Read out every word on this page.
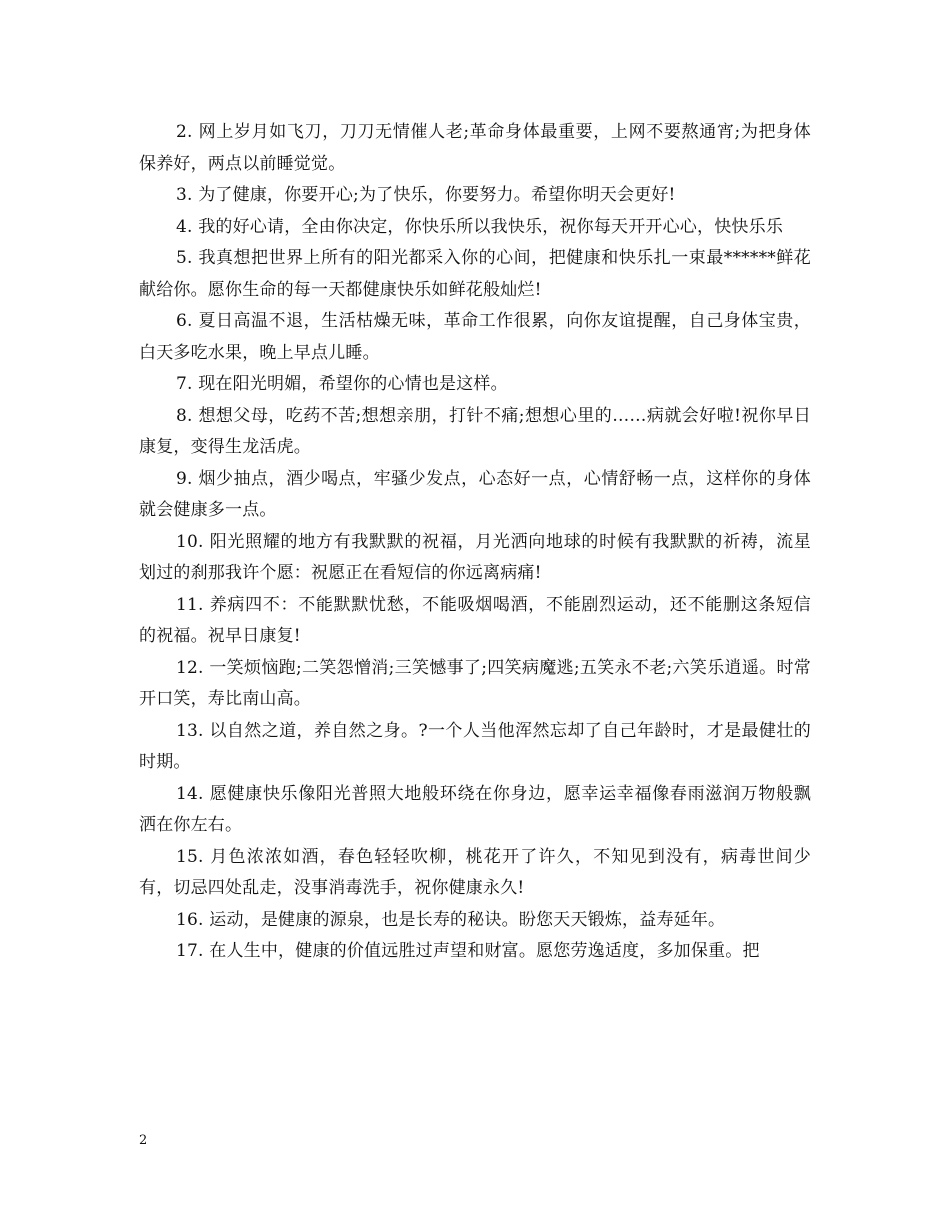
2. 网上岁月如飞刀，刀刀无情催人老;革命身体最重要，上网不要熬通宵;为把身体保养好，两点以前睡觉觉。

3. 为了健康，你要开心;为了快乐，你要努力。希望你明天会更好!

4. 我的好心请，全由你决定，你快乐所以我快乐，祝你每天开开心心，快快乐乐

5. 我真想把世界上所有的阳光都采入你的心间，把健康和快乐扎一束最******鲜花献给你。愿你生命的每一天都健康快乐如鲜花般灿烂!

6. 夏日高温不退，生活枯燥无味，革命工作很累，向你友谊提醒，自己身体宝贵，白天多吃水果，晚上早点儿睡。

7. 现在阳光明媚，希望你的心情也是这样。

8. 想想父母，吃药不苦;想想亲朋，打针不痛;想想心里的……病就会好啦!祝你早日康复，变得生龙活虎。

9. 烟少抽点，酒少喝点，牢骚少发点，心态好一点，心情舒畅一点，这样你的身体就会健康多一点。

10. 阳光照耀的地方有我默默的祝福，月光洒向地球的时候有我默默的祈祷，流星划过的刹那我许个愿：祝愿正在看短信的你远离病痛!

11. 养病四不：不能默默忧愁，不能吸烟喝酒，不能剧烈运动，还不能删这条短信的祝福。祝早日康复!

12. 一笑烦恼跑;二笑怨憎消;三笑憾事了;四笑病魔逃;五笑永不老;六笑乐逍遥。时常开口笑，寿比南山高。

13. 以自然之道，养自然之身。?一个人当他浑然忘却了自己年龄时，才是最健壮的时期。

14. 愿健康快乐像阳光普照大地般环绕在你身边，愿幸运幸福像春雨滋润万物般飘洒在你左右。

15. 月色浓浓如酒，春色轻轻吹柳，桃花开了许久，不知见到没有，病毒世间少有，切忌四处乱走，没事消毒洗手，祝你健康永久!

16. 运动，是健康的源泉，也是长寿的秘诀。盼您天天锻炼，益寿延年。

17. 在人生中，健康的价值远胜过声望和财富。愿您劳逸适度，多加保重。把

2
